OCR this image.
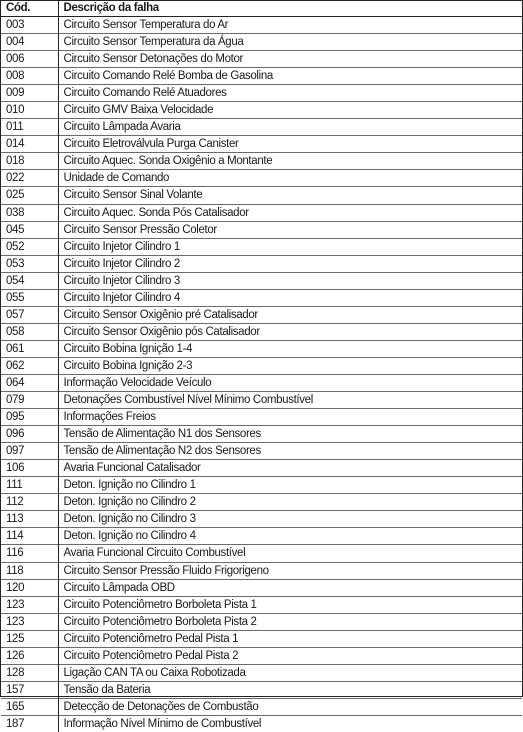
Cód.	Descrição da falha
003	Circuito Sensor Temperatura do Ar
004	Circuito Sensor Temperatura da Água
006	Circuito Sensor Detonações do Motor
008	Circuito Comando Relé Bomba de Gasolina
009	Circuito Comando Relé Atuadores
010	Circuito GMV Baixa Velocidade
011	Circuito Lâmpada Avaria
014	Circuito Eletroválvula Purga Canister
018	Circuito Aquec. Sonda Oxigênio a Montante
022	Unidade de Comando
025	Circuito Sensor Sinal Volante
038	Circuito Aquec. Sonda Pós Catalisador
045	Circuito Sensor Pressão Coletor
052	Circuito Injetor Cilindro 1
053	Circuito Injetor Cilindro 2
054	Circuito Injetor Cilindro 3
055	Circuito Injetor Cilindro 4
057	Circuito Sensor Oxigênio pré Catalisador
058	Circuito Sensor Oxigênio pós Catalisador
061	Circuito Bobina Ignição 1-4
062	Circuito Bobina Ignição 2-3
064	Informação Velocidade Veículo
079	Detonações Combustível Nível Mínimo Combustível
095	Informações Freios
096	Tensão de Alimentação N1 dos Sensores
097	Tensão de Alimentação N2 dos Sensores
106	Avaria Funcional Catalisador
111	Deton. Ignição no Cilindro 1
112	Deton. Ignição no Cilindro 2
113	Deton. Ignição no Cilindro 3
114	Deton. Ignição no Cilindro 4
116	Avaria Funcional Circuito Combustível
118	Circuito Sensor Pressão Fluido Frigorigeno
120	Circuito Lâmpada OBD
123	Circuito Potenciômetro Borboleta Pista 1
123	Circuito Potenciômetro Borboleta Pista 2
125	Circuito Potenciômetro Pedal Pista 1
126	Circuito Potenciômetro Pedal Pista 2
128	Ligação CAN TA ou Caixa Robotizada
157	Tensão da Bateria
165	Detecção de Detonações de Combustão
187	Informação Nível Mínimo de Combustível
